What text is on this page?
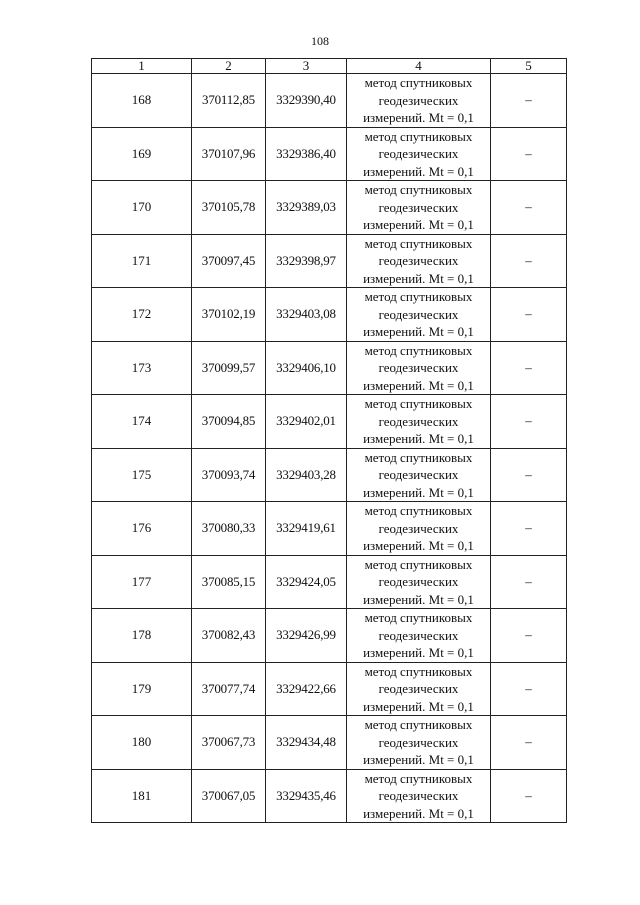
108
1	2	3	4	5
168	370112,85	3329390,40	метод спутниковых
геодезических
измерений. Mt = 0,1	–
169	370107,96	3329386,40	метод спутниковых
геодезических
измерений. Mt = 0,1	–
170	370105,78	3329389,03	метод спутниковых
геодезических
измерений. Mt = 0,1	–
171	370097,45	3329398,97	метод спутниковых
геодезических
измерений. Mt = 0,1	–
172	370102,19	3329403,08	метод спутниковых
геодезических
измерений. Mt = 0,1	–
173	370099,57	3329406,10	метод спутниковых
геодезических
измерений. Mt = 0,1	–
174	370094,85	3329402,01	метод спутниковых
геодезических
измерений. Mt = 0,1	–
175	370093,74	3329403,28	метод спутниковых
геодезических
измерений. Mt = 0,1	–
176	370080,33	3329419,61	метод спутниковых
геодезических
измерений. Mt = 0,1	–
177	370085,15	3329424,05	метод спутниковых
геодезических
измерений. Mt = 0,1	–
178	370082,43	3329426,99	метод спутниковых
геодезических
измерений. Mt = 0,1	–
179	370077,74	3329422,66	метод спутниковых
геодезических
измерений. Mt = 0,1	–
180	370067,73	3329434,48	метод спутниковых
геодезических
измерений. Mt = 0,1	–
181	370067,05	3329435,46	метод спутниковых
геодезических
измерений. Mt = 0,1	–
